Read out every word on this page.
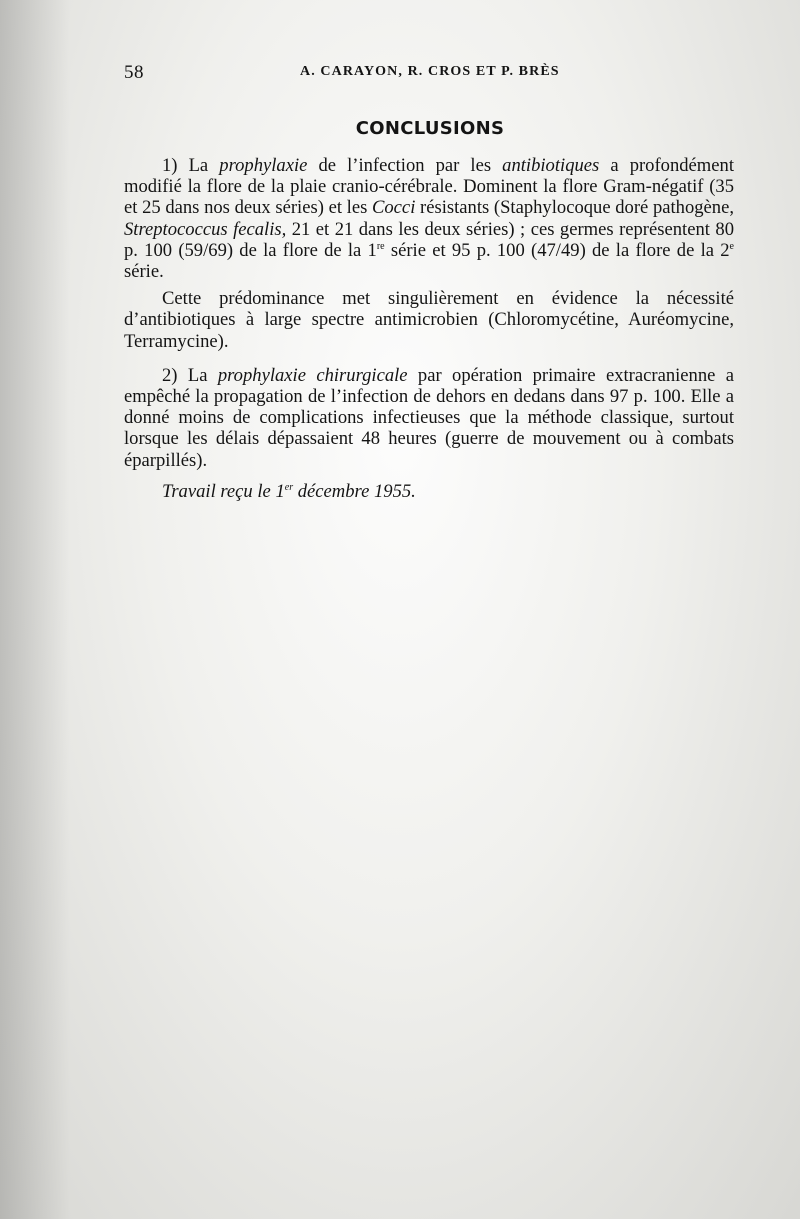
58	A. CARAYON, R. CROS ET P. BRÈS
CONCLUSIONS

1) La prophylaxie de l’infection par les antibiotiques a profondément modifié la flore de la plaie cranio-cérébrale. Dominent la flore Gram-négatif (35 et 25 dans nos deux séries) et les Cocci résistants (Staphylocoque doré pathogène, Streptococcus fecalis, 21 et 21 dans les deux séries) ; ces germes représentent 80 p. 100 (59/69) de la flore de la 1re série et 95 p. 100 (47/49) de la flore de la 2e série.

Cette prédominance met singulièrement en évidence la nécessité d’antibiotiques à large spectre antimicrobien (Chloromycétine, Auréomycine, Terramycine).

2) La prophylaxie chirurgicale par opération primaire extracranienne a empêché la propagation de l’infection de dehors en dedans dans 97 p. 100. Elle a donné moins de complications infectieuses que la méthode classique, surtout lorsque les délais dépassaient 48 heures (guerre de mouvement ou à combats éparpillés).

Travail reçu le 1er décembre 1955.
